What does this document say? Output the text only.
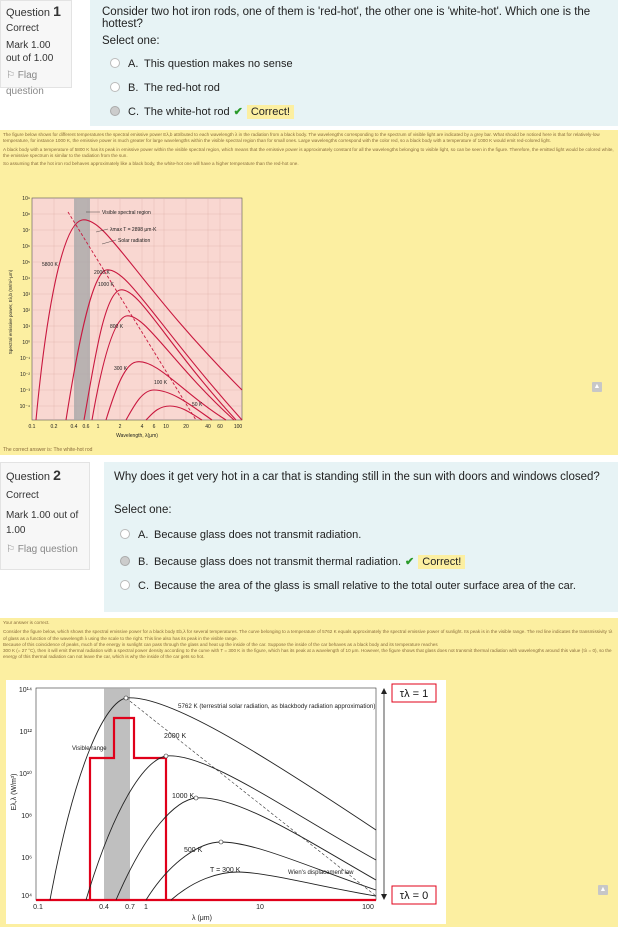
Question 1
Correct
Mark 1.00 out of 1.00
⚐ Flag question
Consider two hot iron rods, one of them is 'red-hot', the other one is 'white-hot'. Which one is the hottest?
Select one:
A. This question makes no sense
B. The red-hot rod
C. The white-hot rod ✔ Correct!

The figure below shows for different temperatures the spectral emissive power Eλ,b attributed to each wavelength λ in the radiation from a black body. The wavelengths corresponding to the spectrum of visible light are indicated by a grey bar. What should be noticed here is that for relatively-low temperature, for instance 1000 K, the emissive power is much greater for large wavelengths within the visible spectral region than for small ones. Large wavelengths correspond with the color red, so a black body with a temperature of 1000 K would emit red-colored light.

A black body with a temperature of 5800 K has its peak in emissive power within the visible spectral region, which means that the emissive power is approximately constant for all the wavelengths belonging to visible light, so can be seen in the figure. Therefore, the emitted light would be colored white, the emissive spectrum is similar to the radiation from the sun.

So assuming that the hot iron rod behaves approximately like a black body, the white-hot one will have a higher temperature than the red-hot one.

10⁹
10⁸
10⁷
10⁶
10⁵
10⁴
10³
10²
10¹
10⁰
10⁻¹
10⁻²
10⁻³
10⁻⁴
0.1	0.2	0.4 0.6 1	2	4 6 10	20	40 60 100
Wavelength, λ(μm)
Spectral emissive power, Eλ,b (W/m²·μm)
Visible spectral region
λmax T = 2898 μm·K
Solar radiation
5800 K
2000 K
1000 K
800 K
300 K
100 K
50 K
The correct answer is: The white-hot rod
▲
Question 2
Correct
Mark 1.00 out of 1.00
⚐ Flag question
Why does it get very hot in a car that is standing still in the sun with doors and windows closed?
Select one:
A. Because glass does not transmit radiation.
B. Because glass does not transmit thermal radiation. ✔ Correct!
C. Because the area of the glass is small relative to the total outer surface area of the car.

Your answer is correct.

Consider the figure below, which shows the spectral emissive power for a black body Eb,λ for several temperatures. The curve belonging to a temperature of 5762 K equals approximately the spectral emissive power of sunlight. Its peak is in the visible range. The red line indicates the transmissivity τλ of glass as a function of the wavelength λ using the scale to the right. This line also has its peak in the visible range.

Because of this coincidence of peaks, much of the energy in sunlight can pass through the glass and heat up the inside of the car. Suppose the inside of the car behaves as a black body and its temperature reaches

300 K (= 27 °C), then it will emit thermal radiation with a spectral power density according to the curve with T = 300 K in the figure, which has its peak at a wavelength of 10 μm. However, the figure shows that glass does not transmit thermal radiation with wavelengths around this value (τλ = 0), so the energy of this thermal radiation can not leave the car, which is why the inside of the car gets so hot.

10¹⁴
10¹²
10¹⁰
10⁸
10⁶
10⁴
0.1	0.4 0.7 1	10	100
λ (μm)
Eλ,λ (W/m³)
Visible range
5762 K (terrestrial solar radiation, as blackbody radiation approximation)
2000 K
1000 K
500 K
T = 300 K	Wien's displacement law
τλ = 1
τλ = 0
▲
